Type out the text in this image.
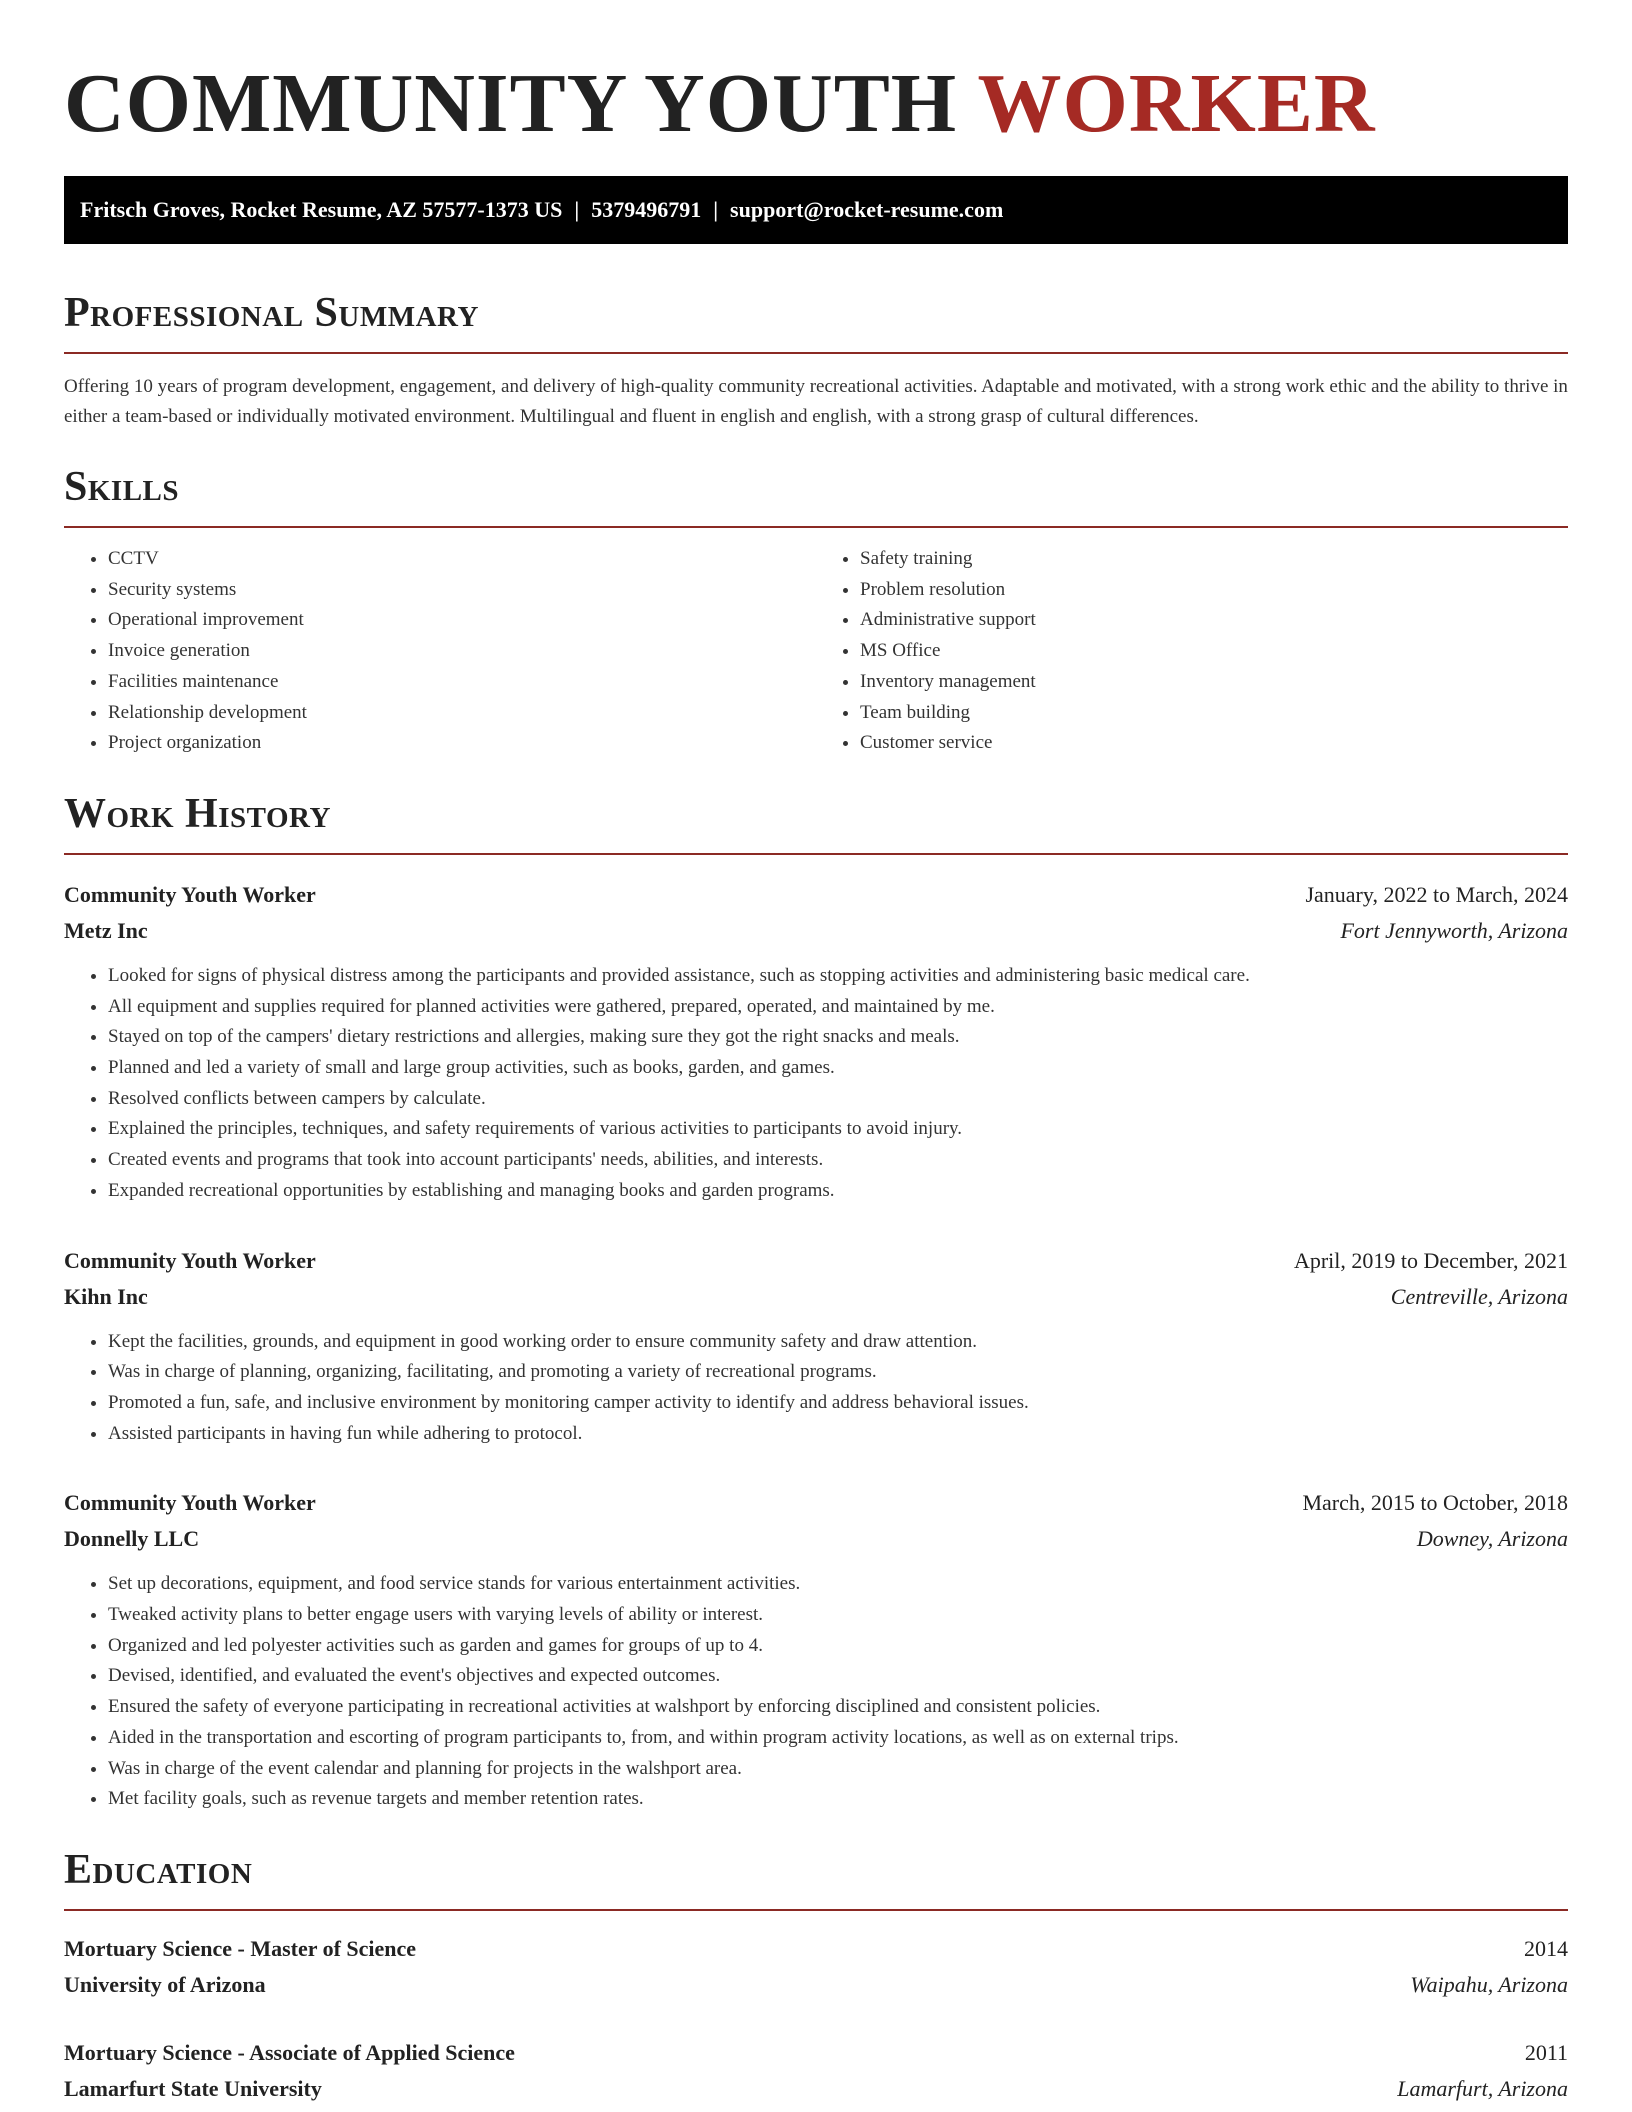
COMMUNITY YOUTH WORKER
Fritsch Groves, Rocket Resume, AZ 57577-1373 US | 5379496791 | support@rocket-resume.com
Professional Summary

Offering 10 years of program development, engagement, and delivery of high-quality community recreational activities. Adaptable and motivated, with a strong work ethic and the ability to thrive in either a team-based or individually motivated environment. Multilingual and fluent in english and english, with a strong grasp of cultural differences.

Skills
• CCTV
• Security systems
• Operational improvement
• Invoice generation
• Facilities maintenance
• Relationship development
• Project organization
• Safety training
• Problem resolution
• Administrative support
• MS Office
• Inventory management
• Team building
• Customer service
Work History
Community Youth Worker	January, 2022 to March, 2024
Metz Inc	Fort Jennyworth, Arizona
• Looked for signs of physical distress among the participants and provided assistance, such as stopping activities and administering basic medical care.
• All equipment and supplies required for planned activities were gathered, prepared, operated, and maintained by me.
• Stayed on top of the campers' dietary restrictions and allergies, making sure they got the right snacks and meals.
• Planned and led a variety of small and large group activities, such as books, garden, and games.
• Resolved conflicts between campers by calculate.
• Explained the principles, techniques, and safety requirements of various activities to participants to avoid injury.
• Created events and programs that took into account participants' needs, abilities, and interests.
• Expanded recreational opportunities by establishing and managing books and garden programs.
Community Youth Worker	April, 2019 to December, 2021
Kihn Inc	Centreville, Arizona
• Kept the facilities, grounds, and equipment in good working order to ensure community safety and draw attention.
• Was in charge of planning, organizing, facilitating, and promoting a variety of recreational programs.
• Promoted a fun, safe, and inclusive environment by monitoring camper activity to identify and address behavioral issues.
• Assisted participants in having fun while adhering to protocol.
Community Youth Worker	March, 2015 to October, 2018
Donnelly LLC	Downey, Arizona
• Set up decorations, equipment, and food service stands for various entertainment activities.
• Tweaked activity plans to better engage users with varying levels of ability or interest.
• Organized and led polyester activities such as garden and games for groups of up to 4.
• Devised, identified, and evaluated the event's objectives and expected outcomes.
• Ensured the safety of everyone participating in recreational activities at walshport by enforcing disciplined and consistent policies.
• Aided in the transportation and escorting of program participants to, from, and within program activity locations, as well as on external trips.
• Was in charge of the event calendar and planning for projects in the walshport area.
• Met facility goals, such as revenue targets and member retention rates.
Education
Mortuary Science - Master of Science	2014
University of Arizona	Waipahu, Arizona
Mortuary Science - Associate of Applied Science	2011
Lamarfurt State University	Lamarfurt, Arizona
